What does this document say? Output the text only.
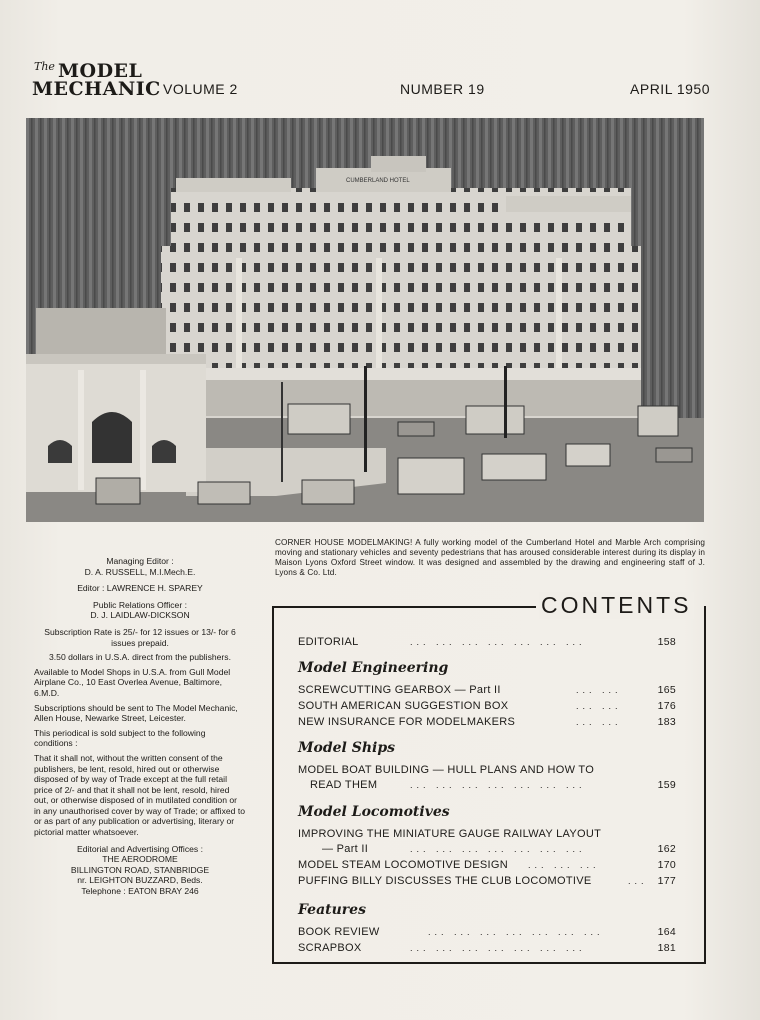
The MODEL
MECHANIC VOLUME 2	NUMBER 19	APRIL 1950
CUMBERLAND HOTEL

CORNER HOUSE MODELMAKING! A fully working model of the Cumberland Hotel and Marble Arch comprising moving and stationary vehicles and seventy pedestrians that has aroused considerable interest during its display in Maison Lyons Oxford Street window. It was designed and assembled by the drawing and engineering staff of J. Lyons & Co. Ltd.

Managing Editor :
D. A. RUSSELL, M.I.Mech.E.
Editor : LAWRENCE H. SPAREY
Public Relations Officer :
D. J. LAIDLAW-DICKSON
Subscription Rate is 25/- for 12 issues or 13/- for 6 issues prepaid.
3.50 dollars in U.S.A. direct from the publishers.
Available to Model Shops in U.S.A. from Gull Model Airplane Co., 10 East Overlea Avenue, Baltimore, 6.M.D.
Subscriptions should be sent to The Model Mechanic, Allen House, Newarke Street, Leicester.
This periodical is sold subject to the following conditions :
That it shall not, without the written consent of the publishers, be lent, resold, hired out or otherwise disposed of by way of Trade except at the full retail price of 2/- and that it shall not be lent, resold, hired out, or otherwise disposed of in mutilated condition or in any unauthorised cover by way of Trade; or affixed to or as part of any publication or advertising, literary or pictorial matter whatsoever.
Editorial and Advertising Offices :
THE AERODROME
BILLINGTON ROAD, STANBRIDGE
nr. LEIGHTON BUZZARD, Beds.
Telephone : EATON BRAY 246
CONTENTS
EDITORIAL	... ... ... ... ... ... ...	158
Model Engineering
SCREWCUTTING GEARBOX — Part II	... ...	165
SOUTH AMERICAN SUGGESTION BOX	... ...	176
NEW INSURANCE FOR MODELMAKERS	... ...	183
Model Ships
MODEL BOAT BUILDING — HULL PLANS AND HOW TO
READ THEM	... ... ... ... ... ... ...	159
Model Locomotives
IMPROVING THE MINIATURE GAUGE RAILWAY LAYOUT
— Part II	... ... ... ... ... ... ...	162
MODEL STEAM LOCOMOTIVE DESIGN ... ... ...	170
PUFFING BILLY DISCUSSES THE CLUB LOCOMOTIVE	... 177
Features
BOOK REVIEW	... ... ... ... ... ... ...	164
SCRAPBOX	... ... ... ... ... ... ...	181
